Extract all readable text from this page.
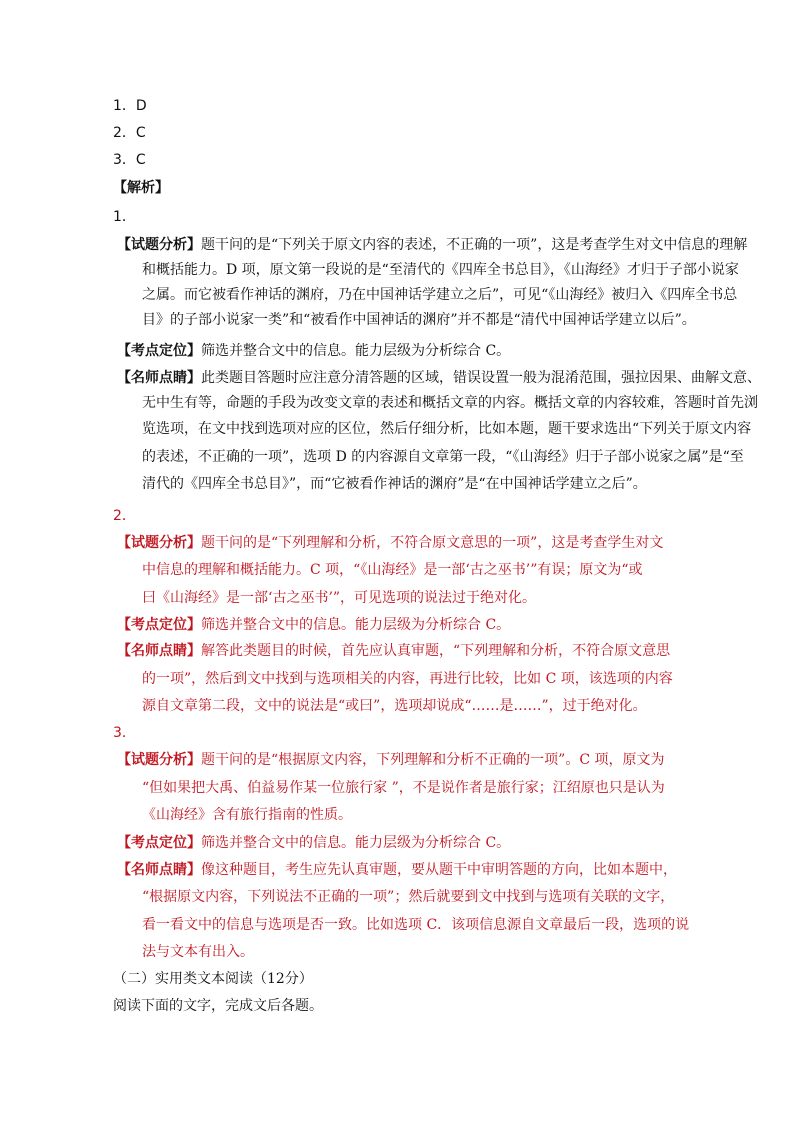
1．D
2．C
3．C
【解析】
1．
【试题分析】题干问的是“下列关于原文内容的表述，不正确的一项”，这是考查学生对文中信息的理解
和概括能力。D 项，原文第一段说的是“至清代的《四库全书总目》，《山海经》才归于子部小说家
之属。而它被看作神话的渊府，乃在中国神话学建立之后”，可见“《山海经》被归入《四库全书总
目》的子部小说家一类”和“被看作中国神话的渊府”并不都是“清代中国神话学建立以后”。
【考点定位】筛选并整合文中的信息。能力层级为分析综合 C。
【名师点睛】此类题目答题时应注意分清答题的区域，错误设置一般为混淆范围，强拉因果、曲解文意、
无中生有等，命题的手段为改变文章的表述和概括文章的内容。概括文章的内容较难，答题时首先浏
览选项，在文中找到选项对应的区位，然后仔细分析，比如本题，题干要求选出“下列关于原文内容
的表述，不正确的一项”，选项 D 的内容源自文章第一段，“《山海经》归于子部小说家之属”是“至
清代的《四库全书总目》”，而“它被看作神话的渊府”是“在中国神话学建立之后”。
2．
【试题分析】题干问的是“下列理解和分析，不符合原文意思的一项”，这是考查学生对文
中信息的理解和概括能力。C 项，“《山海经》是一部‘古之巫书’”有误；原文为“或
曰《山海经》是一部‘古之巫书’”，可见选项的说法过于绝对化。
【考点定位】筛选并整合文中的信息。能力层级为分析综合 C。
【名师点睛】解答此类题目的时候，首先应认真审题，“下列理解和分析，不符合原文意思
的一项”，然后到文中找到与选项相关的内容，再进行比较，比如 C 项，该选项的内容
源自文章第二段，文中的说法是“或曰”，选项却说成“……是……”，过于绝对化。
3．
【试题分析】题干问的是“根据原文内容，下列理解和分析不正确的一项”。C 项，原文为
“但如果把大禹、伯益易作某一位旅行家 ”，不是说作者是旅行家；江绍原也只是认为
《山海经》含有旅行指南的性质。
【考点定位】筛选并整合文中的信息。能力层级为分析综合 C。
【名师点睛】像这种题目，考生应先认真审题，要从题干中审明答题的方向，比如本题中，
“根据原文内容，下列说法不正确的一项”；然后就要到文中找到与选项有关联的文字，
看一看文中的信息与选项是否一致。比如选项 C．该项信息源自文章最后一段，选项的说
法与文本有出入。
（二）实用类文本阅读（12分）
阅读下面的文字，完成文后各题。
